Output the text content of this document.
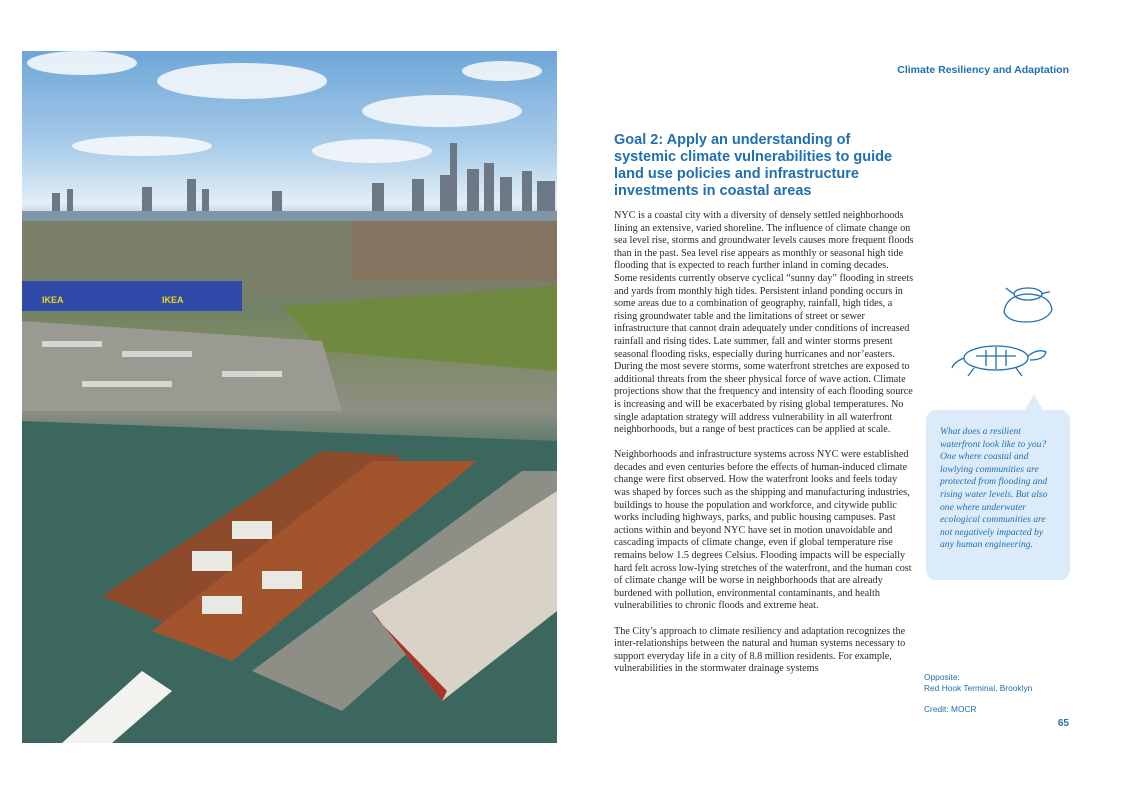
IKEA	IKEA
Climate Resiliency and Adaptation
Goal 2: Apply an understanding of systemic climate vulnerabilities to guide land use policies and infrastructure investments in coastal areas

NYC is a coastal city with a diversity of densely settled neighborhoods lining an extensive, varied shoreline. The influence of climate change on sea level rise, storms and groundwater levels causes more frequent floods than in the past. Sea level rise appears as monthly or seasonal high tide flooding that is expected to reach further inland in coming decades. Some residents currently observe cyclical “sunny day” flooding in streets and yards from monthly high tides. Persistent inland ponding occurs in some areas due to a combination of geography, rainfall, high tides, a rising groundwater table and the limitations of street or sewer infrastructure that cannot drain adequately under conditions of increased rainfall and rising tides. Late summer, fall and winter storms present seasonal flooding risks, especially during hurricanes and nor’easters. During the most severe storms, some waterfront stretches are exposed to additional threats from the sheer physical force of wave action. Climate projections show that the frequency and intensity of each flooding source is increasing and will be exacerbated by rising global temperatures. No single adaptation strategy will address vulnerability in all waterfront neighborhoods, but a range of best practices can be applied at scale.

Neighborhoods and infrastructure systems across NYC were established decades and even centuries before the effects of human-induced climate change were first observed. How the waterfront looks and feels today was shaped by forces such as the shipping and manufacturing industries, buildings to house the population and workforce, and citywide public works including highways, parks, and public housing campuses. Past actions within and beyond NYC have set in motion unavoidable and cascading impacts of climate change, even if global temperature rise remains below 1.5 degrees Celsius. Flooding impacts will be especially hard felt across low-lying stretches of the waterfront, and the human cost of climate change will be worse in neighborhoods that are already burdened with pollution, environmental contaminants, and health vulnerabilities to chronic floods and extreme heat.

The City’s approach to climate resiliency and adaptation recognizes the inter-relationships between the natural and human systems necessary to support everyday life in a city of 8.8 million residents. For example, vulnerabilities in the stormwater drainage systems

What does a resilient waterfront look like to you? One where coastal and lowlying communities are protected from flooding and rising water levels. But also one where underwater ecological communities are not negatively impacted by any human engineering.
Opposite:
Red Hook Terminal, Brooklyn
Credit: MOCR
65
